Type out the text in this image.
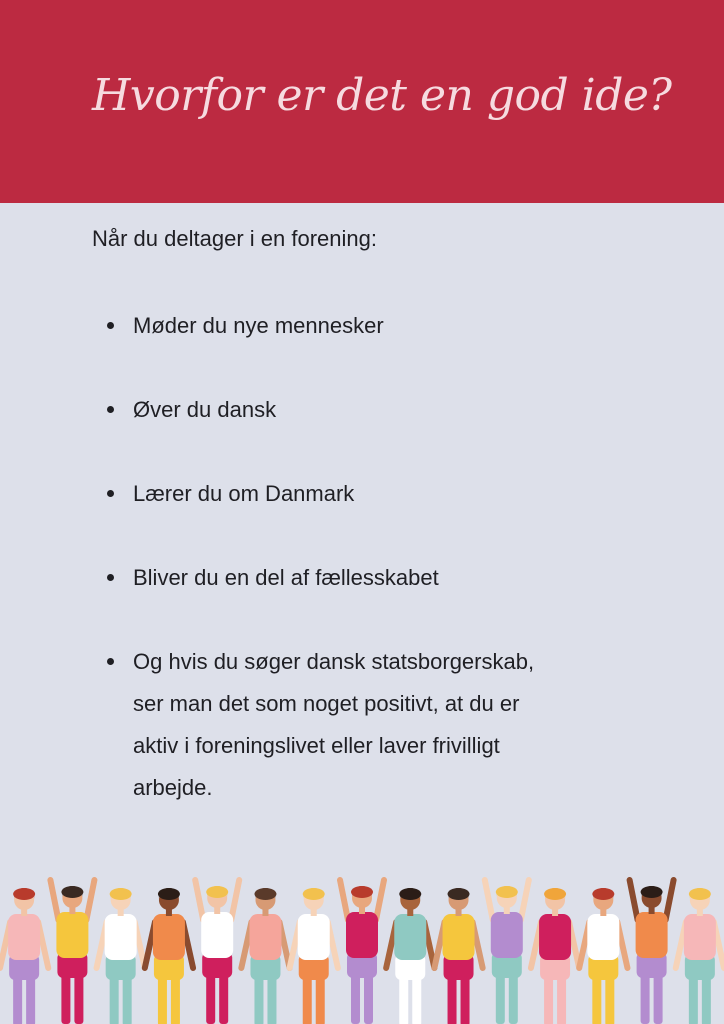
Hvorfor er det en god ide?

Når du deltager i en forening:

Møder du nye mennesker
Øver du dansk
Lærer du om Danmark
Bliver du en del af fællesskabet
Og hvis du søger dansk statsborgerskab, ser man det som noget positivt, at du er aktiv i foreningslivet eller laver frivilligt arbejde.
